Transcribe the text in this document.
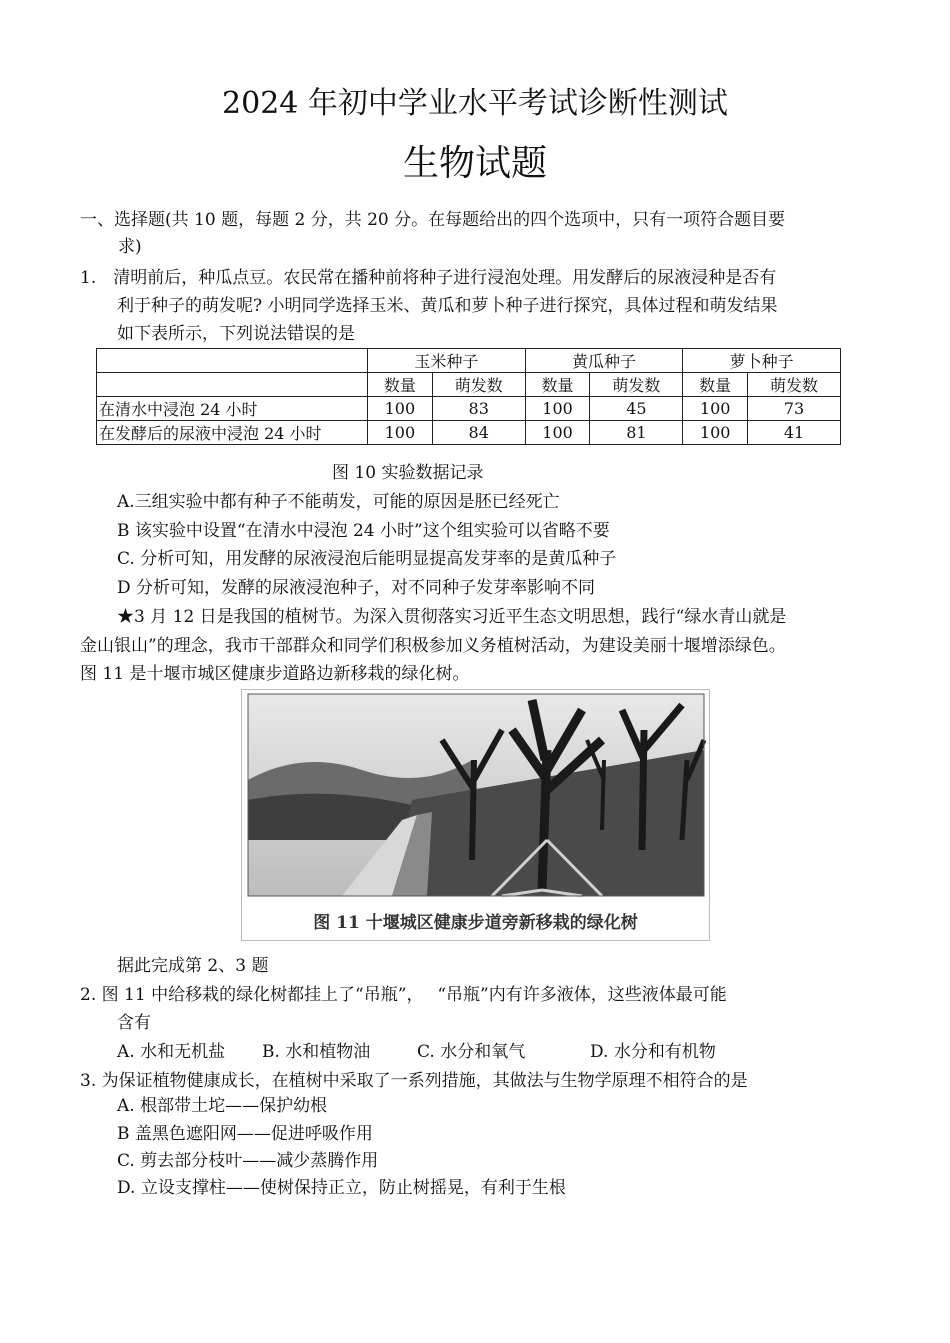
2024 年初中学业水平考试诊断性测试
生物试题
一、选择题(共 10 题，每题 2 分，共 20 分。在每题给出的四个选项中，只有一项符合题目要
求)
1.　清明前后，种瓜点豆。农民常在播种前将种子进行浸泡处理。用发酵后的尿液浸种是否有
利于种子的萌发呢? 小明同学选择玉米、黄瓜和萝卜种子进行探究，具体过程和萌发结果
如下表所示，下列说法错误的是
	玉米种子		黄瓜种子		萝卜种子	
	数量	萌发数	数量	萌发数	数量	萌发数
在清水中浸泡 24 小时	100	83	100	45	100	73
在发酵后的尿液中浸泡 24 小时	100	84	100	81	100	41
图 10 实验数据记录
A.三组实验中都有种子不能萌发，可能的原因是胚已经死亡
B 该实验中设置“在清水中浸泡 24 小时”这个组实验可以省略不要
C. 分析可知，用发酵的尿液浸泡后能明显提高发芽率的是黄瓜种子
D 分析可知，发酵的尿液浸泡种子，对不同种子发芽率影响不同
★3 月 12 日是我国的植树节。为深入贯彻落实习近平生态文明思想，践行“绿水青山就是
金山银山”的理念，我市干部群众和同学们积极参加义务植树活动，为建设美丽十堰增添绿色。
图 11 是十堰市城区健康步道路边新移栽的绿化树。
图 11 十堰城区健康步道旁新移栽的绿化树
据此完成第 2、3 题
2. 图 11 中给移栽的绿化树都挂上了“吊瓶”，　 “吊瓶”内有许多液体，这些液体最可能
含有
A. 水和无机盐 B. 水和植物油	C. 水分和氧气	D. 水分和有机物
3. 为保证植物健康成长，在植树中采取了一系列措施，其做法与生物学原理不相符合的是
A. 根部带土坨——保护幼根
B 盖黑色遮阳网——促进呼吸作用
C. 剪去部分枝叶——减少蒸腾作用
D. 立设支撑柱——使树保持正立，防止树摇晃，有利于生根
